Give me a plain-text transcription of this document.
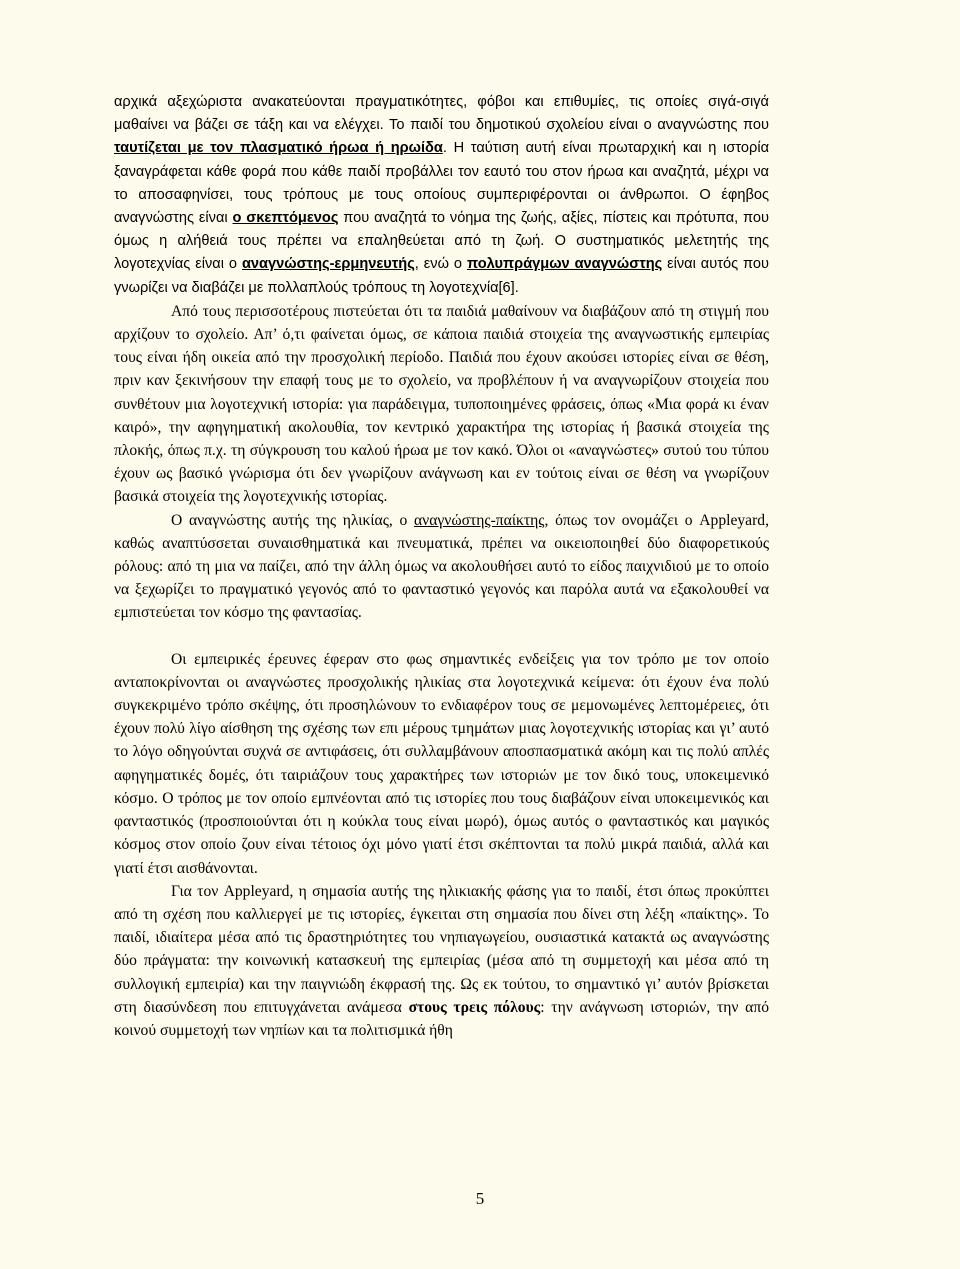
αρχικά αξεχώριστα ανακατεύονται πραγματικότητες, φόβοι και επιθυμίες, τις οποίες σιγά-σιγά μαθαίνει να βάζει σε τάξη και να ελέγχει. Το παιδί του δημοτικού σχολείου είναι ο αναγνώστης που ταυτίζεται με τον πλασματικό ήρωα ή ηρωίδα. Η ταύτιση αυτή είναι πρωταρχική και η ιστορία ξαναγράφεται κάθε φορά που κάθε παιδί προβάλλει τον εαυτό του στον ήρωα και αναζητά, μέχρι να το αποσαφηνίσει, τους τρόπους με τους οποίους συμπεριφέρονται οι άνθρωποι. Ο έφηβος αναγνώστης είναι ο σκεπτόμενος που αναζητά το νόημα της ζωής, αξίες, πίστεις και πρότυπα, που όμως η αλήθειά τους πρέπει να επαληθεύεται από τη ζωή. Ο συστηματικός μελετητής της λογοτεχνίας είναι ο αναγνώστης-ερμηνευτής, ενώ ο πολυπράγμων αναγνώστης είναι αυτός που γνωρίζει να διαβάζει με πολλαπλούς τρόπους τη λογοτεχνία[6].

Από τους περισσοτέρους πιστεύεται ότι τα παιδιά μαθαίνουν να διαβάζουν από τη στιγμή που αρχίζουν το σχολείο. Απ’ ό,τι φαίνεται όμως, σε κάποια παιδιά στοιχεία της αναγνωστικής εμπειρίας τους είναι ήδη οικεία από την προσχολική περίοδο. Παιδιά που έχουν ακούσει ιστορίες είναι σε θέση, πριν καν ξεκινήσουν την επαφή τους με το σχολείο, να προβλέπουν ή να αναγνωρίζουν στοιχεία που συνθέτουν μια λογοτεχνική ιστορία: για παράδειγμα, τυποποιημένες φράσεις, όπως «Μια φορά κι έναν καιρό», την αφηγηματική ακολουθία, τον κεντρικό χαρακτήρα της ιστορίας ή βασικά στοιχεία της πλοκής, όπως π.χ. τη σύγκρουση του καλού ήρωα με τον κακό. Όλοι οι «αναγνώστες» συτού του τύπου έχουν ως βασικό γνώρισμα ότι δεν γνωρίζουν ανάγνωση και εν τούτοις είναι σε θέση να γνωρίζουν βασικά στοιχεία της λογοτεχνικής ιστορίας.

Ο αναγνώστης αυτής της ηλικίας, ο αναγνώστης-παίκτης, όπως τον ονομάζει ο Appleyard, καθώς αναπτύσσεται συναισθηματικά και πνευματικά, πρέπει να οικειοποιηθεί δύο διαφορετικούς ρόλους: από τη μια να παίζει, από την άλλη όμως να ακολουθήσει αυτό το είδος παιχνιδιού με το οποίο να ξεχωρίζει το πραγματικό γεγονός από το φανταστικό γεγονός και παρόλα αυτά να εξακολουθεί να εμπιστεύεται τον κόσμο της φαντασίας.

Οι εμπειρικές έρευνες έφεραν στο φως σημαντικές ενδείξεις για τον τρόπο με τον οποίο ανταποκρίνονται οι αναγνώστες προσχολικής ηλικίας στα λογοτεχνικά κείμενα: ότι έχουν ένα πολύ συγκεκριμένο τρόπο σκέψης, ότι προσηλώνουν το ενδιαφέρον τους σε μεμονωμένες λεπτομέρειες, ότι έχουν πολύ λίγο αίσθηση της σχέσης των επι μέρους τμημάτων μιας λογοτεχνικής ιστορίας και γι’ αυτό το λόγο οδηγούνται συχνά σε αντιφάσεις, ότι συλλαμβάνουν αποσπασματικά ακόμη και τις πολύ απλές αφηγηματικές δομές, ότι ταιριάζουν τους χαρακτήρες των ιστοριών με τον δικό τους, υποκειμενικό κόσμο. Ο τρόπος με τον οποίο εμπνέονται από τις ιστορίες που τους διαβάζουν είναι υποκειμενικός και φανταστικός (προσποιούνται ότι η κούκλα τους είναι μωρό), όμως αυτός ο φανταστικός και μαγικός κόσμος στον οποίο ζουν είναι τέτοιος όχι μόνο γιατί έτσι σκέπτονται τα πολύ μικρά παιδιά, αλλά και γιατί έτσι αισθάνονται.

Για τον Appleyard, η σημασία αυτής της ηλικιακής φάσης για το παιδί, έτσι όπως προκύπτει από τη σχέση που καλλιεργεί με τις ιστορίες, έγκειται στη σημασία που δίνει στη λέξη «παίκτης». Το παιδί, ιδιαίτερα μέσα από τις δραστηριότητες του νηπιαγωγείου, ουσιαστικά κατακτά ως αναγνώστης δύο πράγματα: την κοινωνική κατασκευή της εμπειρίας (μέσα από τη συμμετοχή και μέσα από τη συλλογική εμπειρία) και την παιγνιώδη έκφρασή της. Ως εκ τούτου, το σημαντικό γι’ αυτόν βρίσκεται στη διασύνδεση που επιτυγχάνεται ανάμεσα στους τρεις πόλους: την ανάγνωση ιστοριών, την από κοινού συμμετοχή των νηπίων και τα πολιτισμικά ήθη

5
